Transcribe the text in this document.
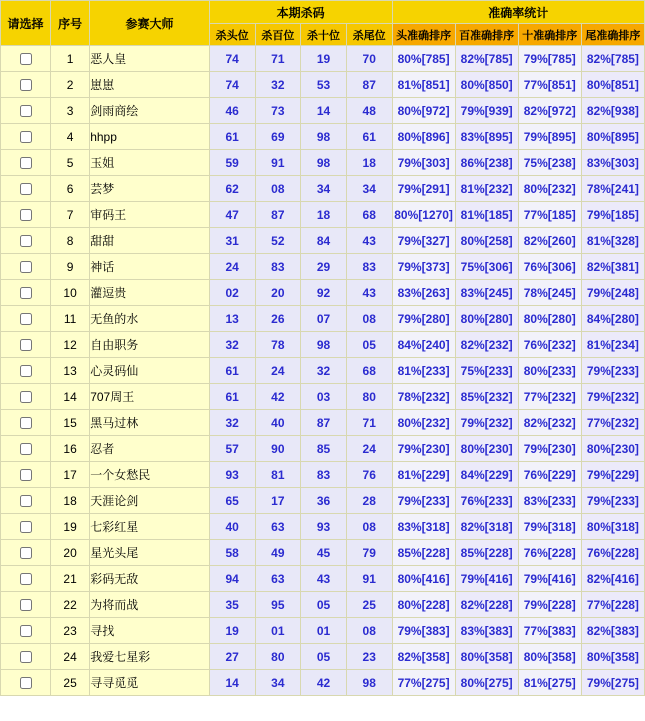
请选择	序号	参赛大师	本期杀码				准确率统计			
			杀头位	杀百位	杀十位	杀尾位	头准确排序	百准确排序	十准确排序	尾准确排序
	1	恶人皇	74	71	19	70	80%[785]	82%[785]	79%[785]	82%[785]
	2	崽崽	74	32	53	87	81%[851]	80%[850]	77%[851]	80%[851]
	3	剑雨商绘	46	73	14	48	80%[972]	79%[939]	82%[972]	82%[938]
	4	hhpp	61	69	98	61	80%[896]	83%[895]	79%[895]	80%[895]
	5	玉姐	59	91	98	18	79%[303]	86%[238]	75%[238]	83%[303]
	6	芸梦	62	08	34	34	79%[291]	81%[232]	80%[232]	78%[241]
	7	审码王	47	87	18	68	80%[1270]	81%[185]	77%[185]	79%[185]
	8	甜甜	31	52	84	43	79%[327]	80%[258]	82%[260]	81%[328]
	9	神话	24	83	29	83	79%[373]	75%[306]	76%[306]	82%[381]
	10	灌逗贵	02	20	92	43	83%[263]	83%[245]	78%[245]	79%[248]
	11	无鱼的水	13	26	07	08	79%[280]	80%[280]	80%[280]	84%[280]
	12	自由职务	32	78	98	05	84%[240]	82%[232]	76%[232]	81%[234]
	13	心灵码仙	61	24	32	68	81%[233]	75%[233]	80%[233]	79%[233]
	14	707周王	61	42	03	80	78%[232]	85%[232]	77%[232]	79%[232]
	15	黑马过林	32	40	87	71	80%[232]	79%[232]	82%[232]	77%[232]
	16	忍者	57	90	85	24	79%[230]	80%[230]	79%[230]	80%[230]
	17	一个女愁民	93	81	83	76	81%[229]	84%[229]	76%[229]	79%[229]
	18	天涯论剑	65	17	36	28	79%[233]	76%[233]	83%[233]	79%[233]
	19	七彩红星	40	63	93	08	83%[318]	82%[318]	79%[318]	80%[318]
	20	星光头尾	58	49	45	79	85%[228]	85%[228]	76%[228]	76%[228]
	21	彩码无敌	94	63	43	91	80%[416]	79%[416]	79%[416]	82%[416]
	22	为将而战	35	95	05	25	80%[228]	82%[228]	79%[228]	77%[228]
	23	寻找	19	01	01	08	79%[383]	83%[383]	77%[383]	82%[383]
	24	我爱七星彩	27	80	05	23	82%[358]	80%[358]	80%[358]	80%[358]
	25	寻寻觅觅	14	34	42	98	77%[275]	80%[275]	81%[275]	79%[275]
